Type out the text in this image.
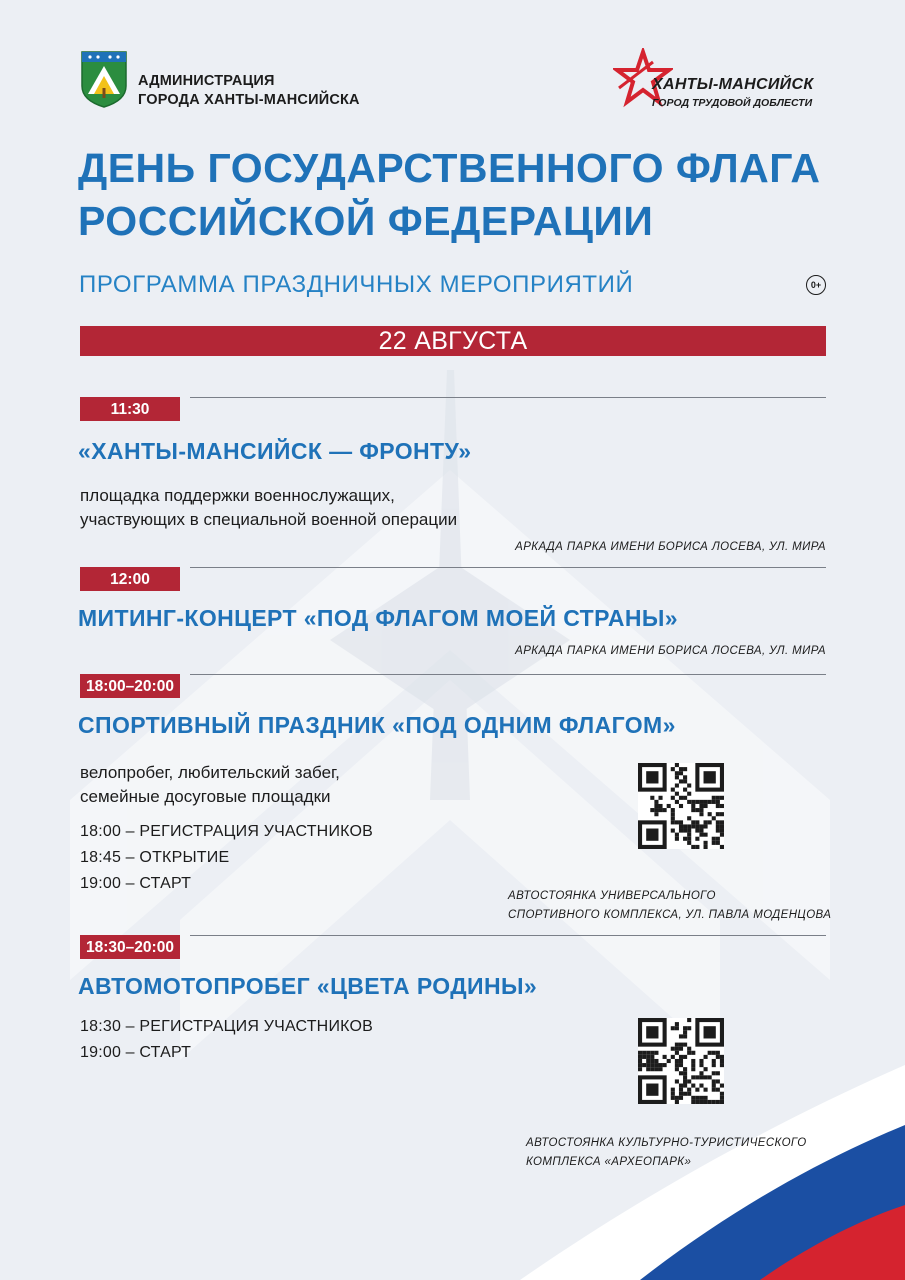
АДМИНИСТРАЦИЯ
ГОРОДА ХАНТЫ-МАНСИЙСКА
ХАНТЫ-МАНСИЙСК
ГОРОД ТРУДОВОЙ ДОБЛЕСТИ
ДЕНЬ ГОСУДАРСТВЕННОГО ФЛАГА
РОССИЙСКОЙ ФЕДЕРАЦИИ
ПРОГРАММА ПРАЗДНИЧНЫХ МЕРОПРИЯТИЙ	0+
22 АВГУСТА
11:30
«ХАНТЫ-МАНСИЙСК — ФРОНТУ»
площадка поддержки военнослужащих,
участвующих в специальной военной операции
АРКАДА ПАРКА ИМЕНИ БОРИСА ЛОСЕВА, УЛ. МИРА
12:00
МИТИНГ-КОНЦЕРТ «ПОД ФЛАГОМ МОЕЙ СТРАНЫ»
АРКАДА ПАРКА ИМЕНИ БОРИСА ЛОСЕВА, УЛ. МИРА
18:00–20:00
СПОРТИВНЫЙ ПРАЗДНИК «ПОД ОДНИМ ФЛАГОМ»
велопробег, любительский забег,
семейные досуговые площадки
18:00 – РЕГИСТРАЦИЯ УЧАСТНИКОВ
18:45 – ОТКРЫТИЕ
19:00 – СТАРТ
АВТОСТОЯНКА УНИВЕРСАЛЬНОГО
СПОРТИВНОГО КОМПЛЕКСА, УЛ. ПАВЛА МОДЕНЦОВА
18:30–20:00
АВТОМОТОПРОБЕГ «ЦВЕТА РОДИНЫ»
18:30 – РЕГИСТРАЦИЯ УЧАСТНИКОВ
19:00 – СТАРТ
АВТОСТОЯНКА КУЛЬТУРНО-ТУРИСТИЧЕСКОГО
КОМПЛЕКСА «АРХЕОПАРК»
